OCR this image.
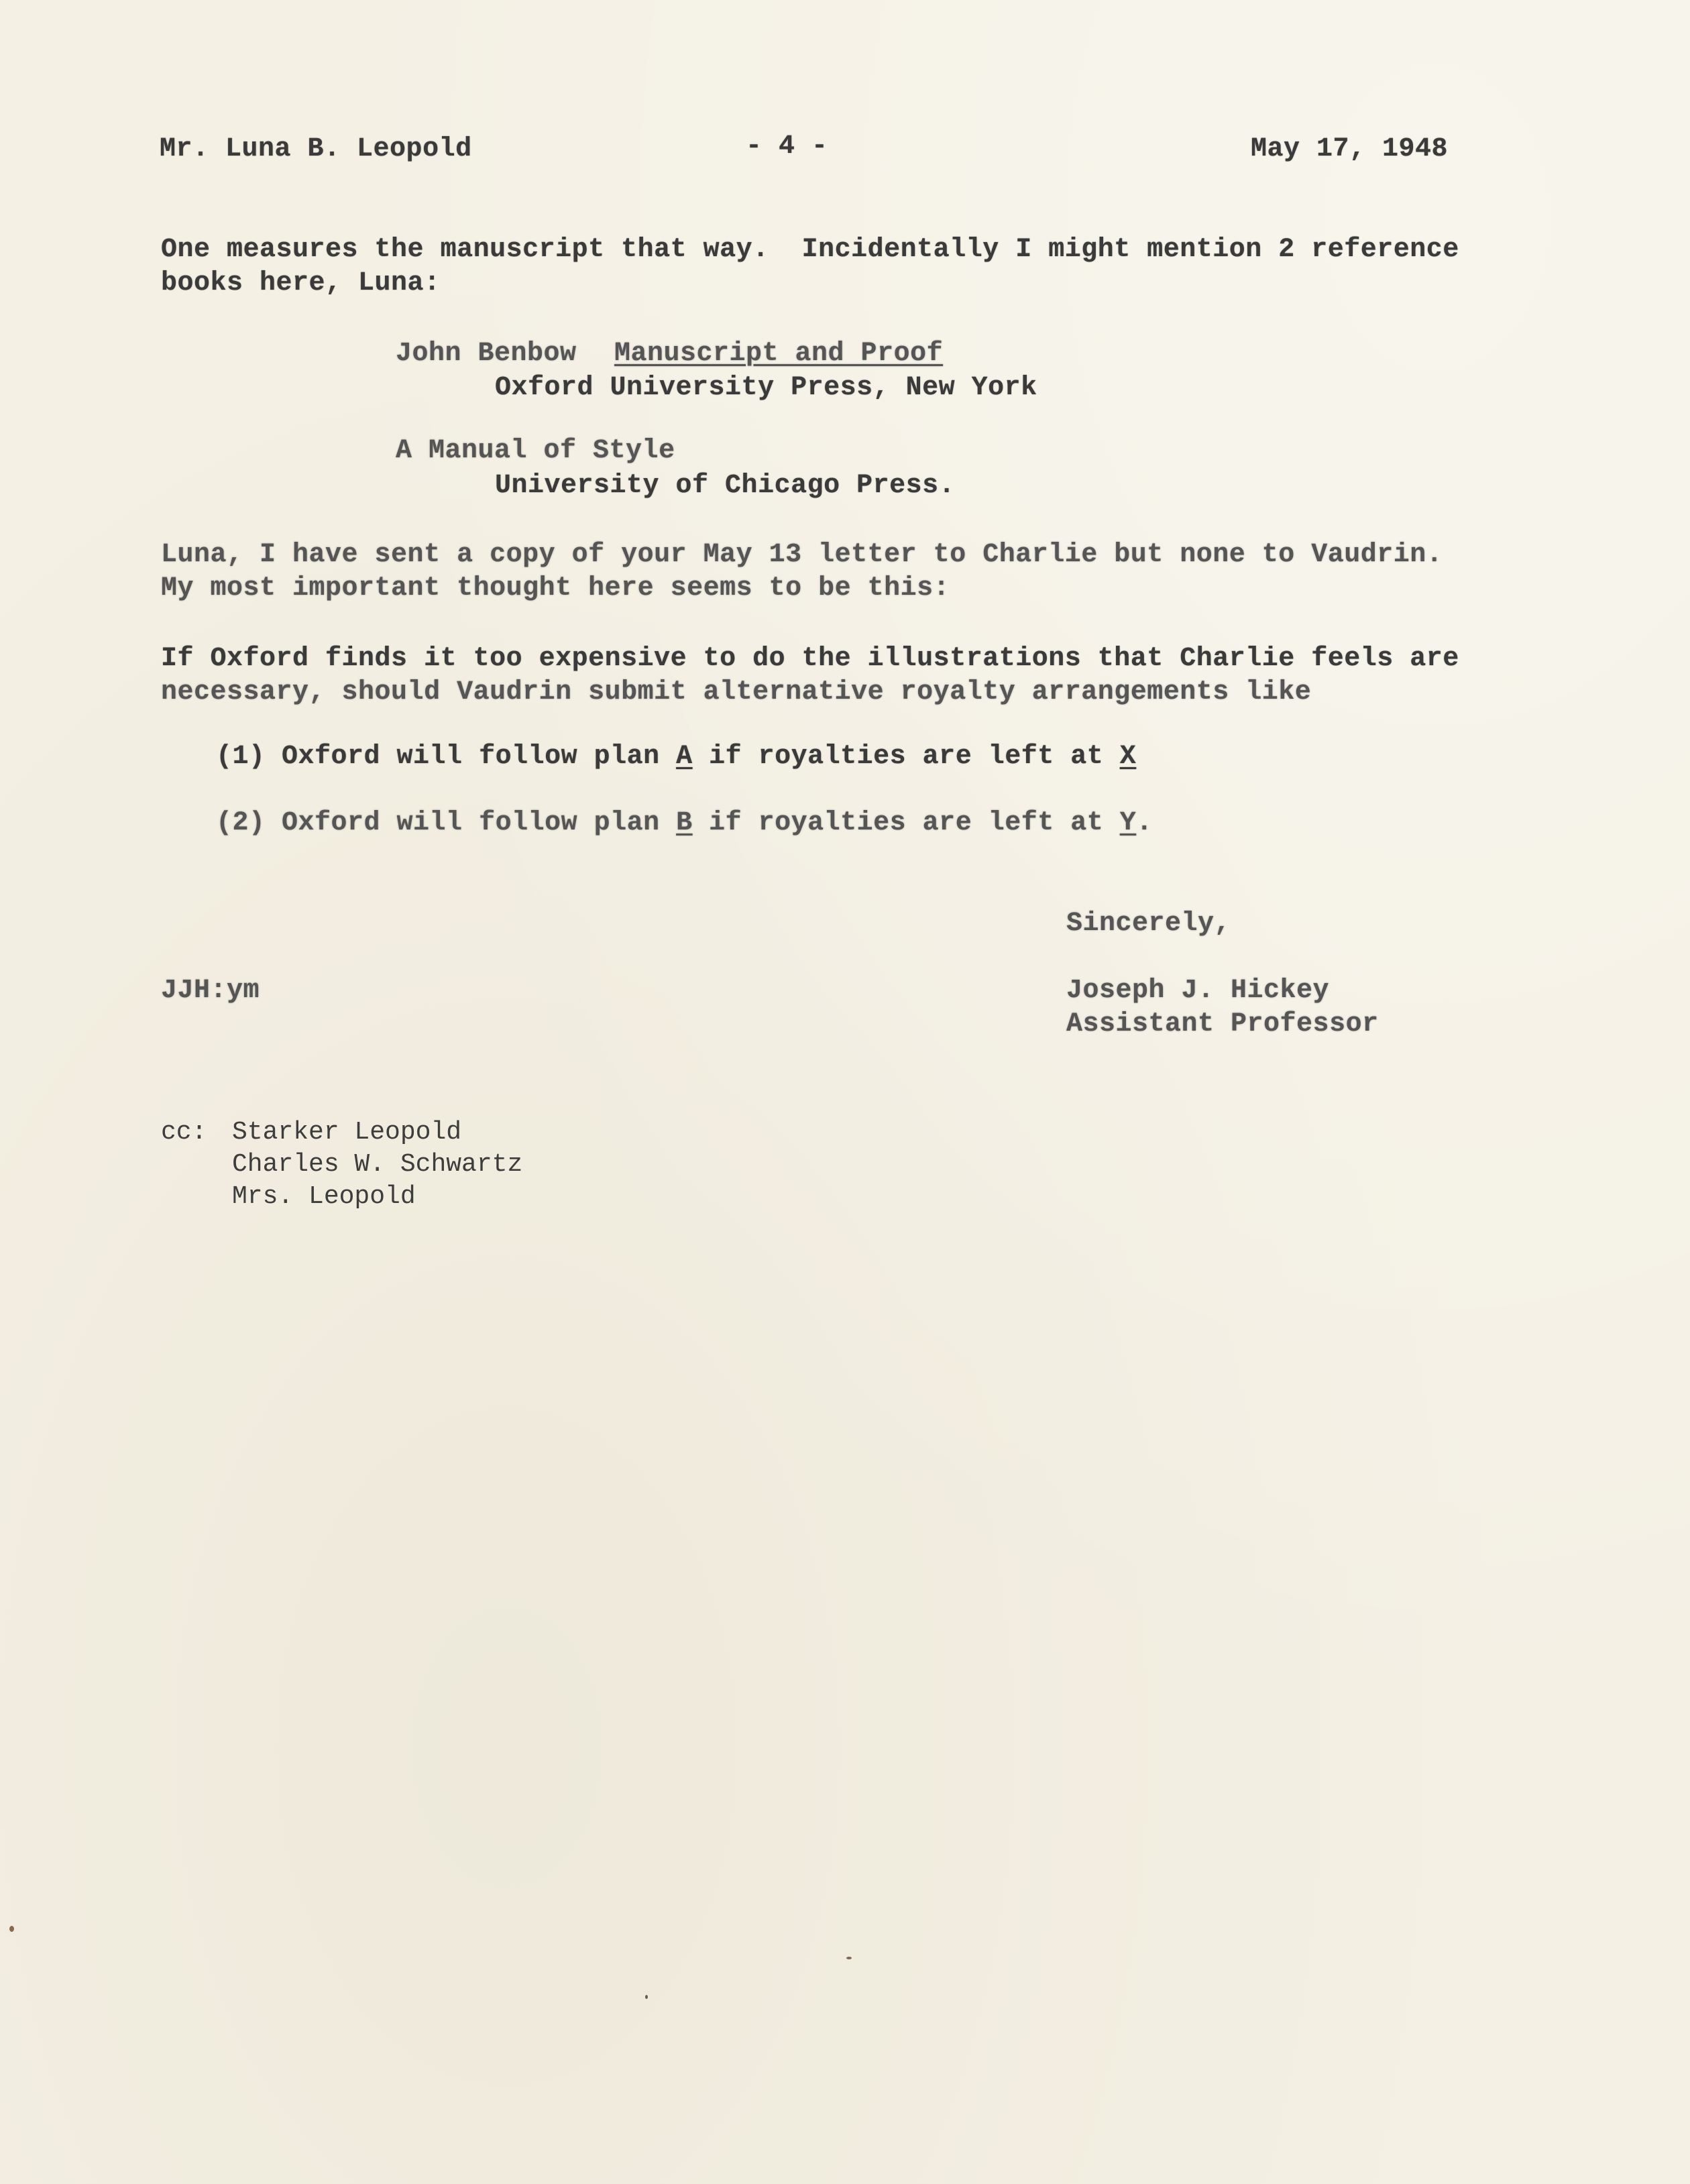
Mr. Luna B. Leopold	- 4 -	May 17, 1948
One measures the manuscript that way.  Incidentally I might mention 2 reference
books here, Luna:
John Benbow Manuscript and Proof
Oxford University Press, New York
A Manual of Style
University of Chicago Press.
Luna, I have sent a copy of your May 13 letter to Charlie but none to Vaudrin.
My most important thought here seems to be this:
If Oxford finds it too expensive to do the illustrations that Charlie feels are
necessary, should Vaudrin submit alternative royalty arrangements like
(1) Oxford will follow plan A if royalties are left at X
(2) Oxford will follow plan B if royalties are left at Y.
Sincerely,
JJH:ym	Joseph J. Hickey
Assistant Professor
cc: Starker Leopold
Charles W. Schwartz
Mrs. Leopold
